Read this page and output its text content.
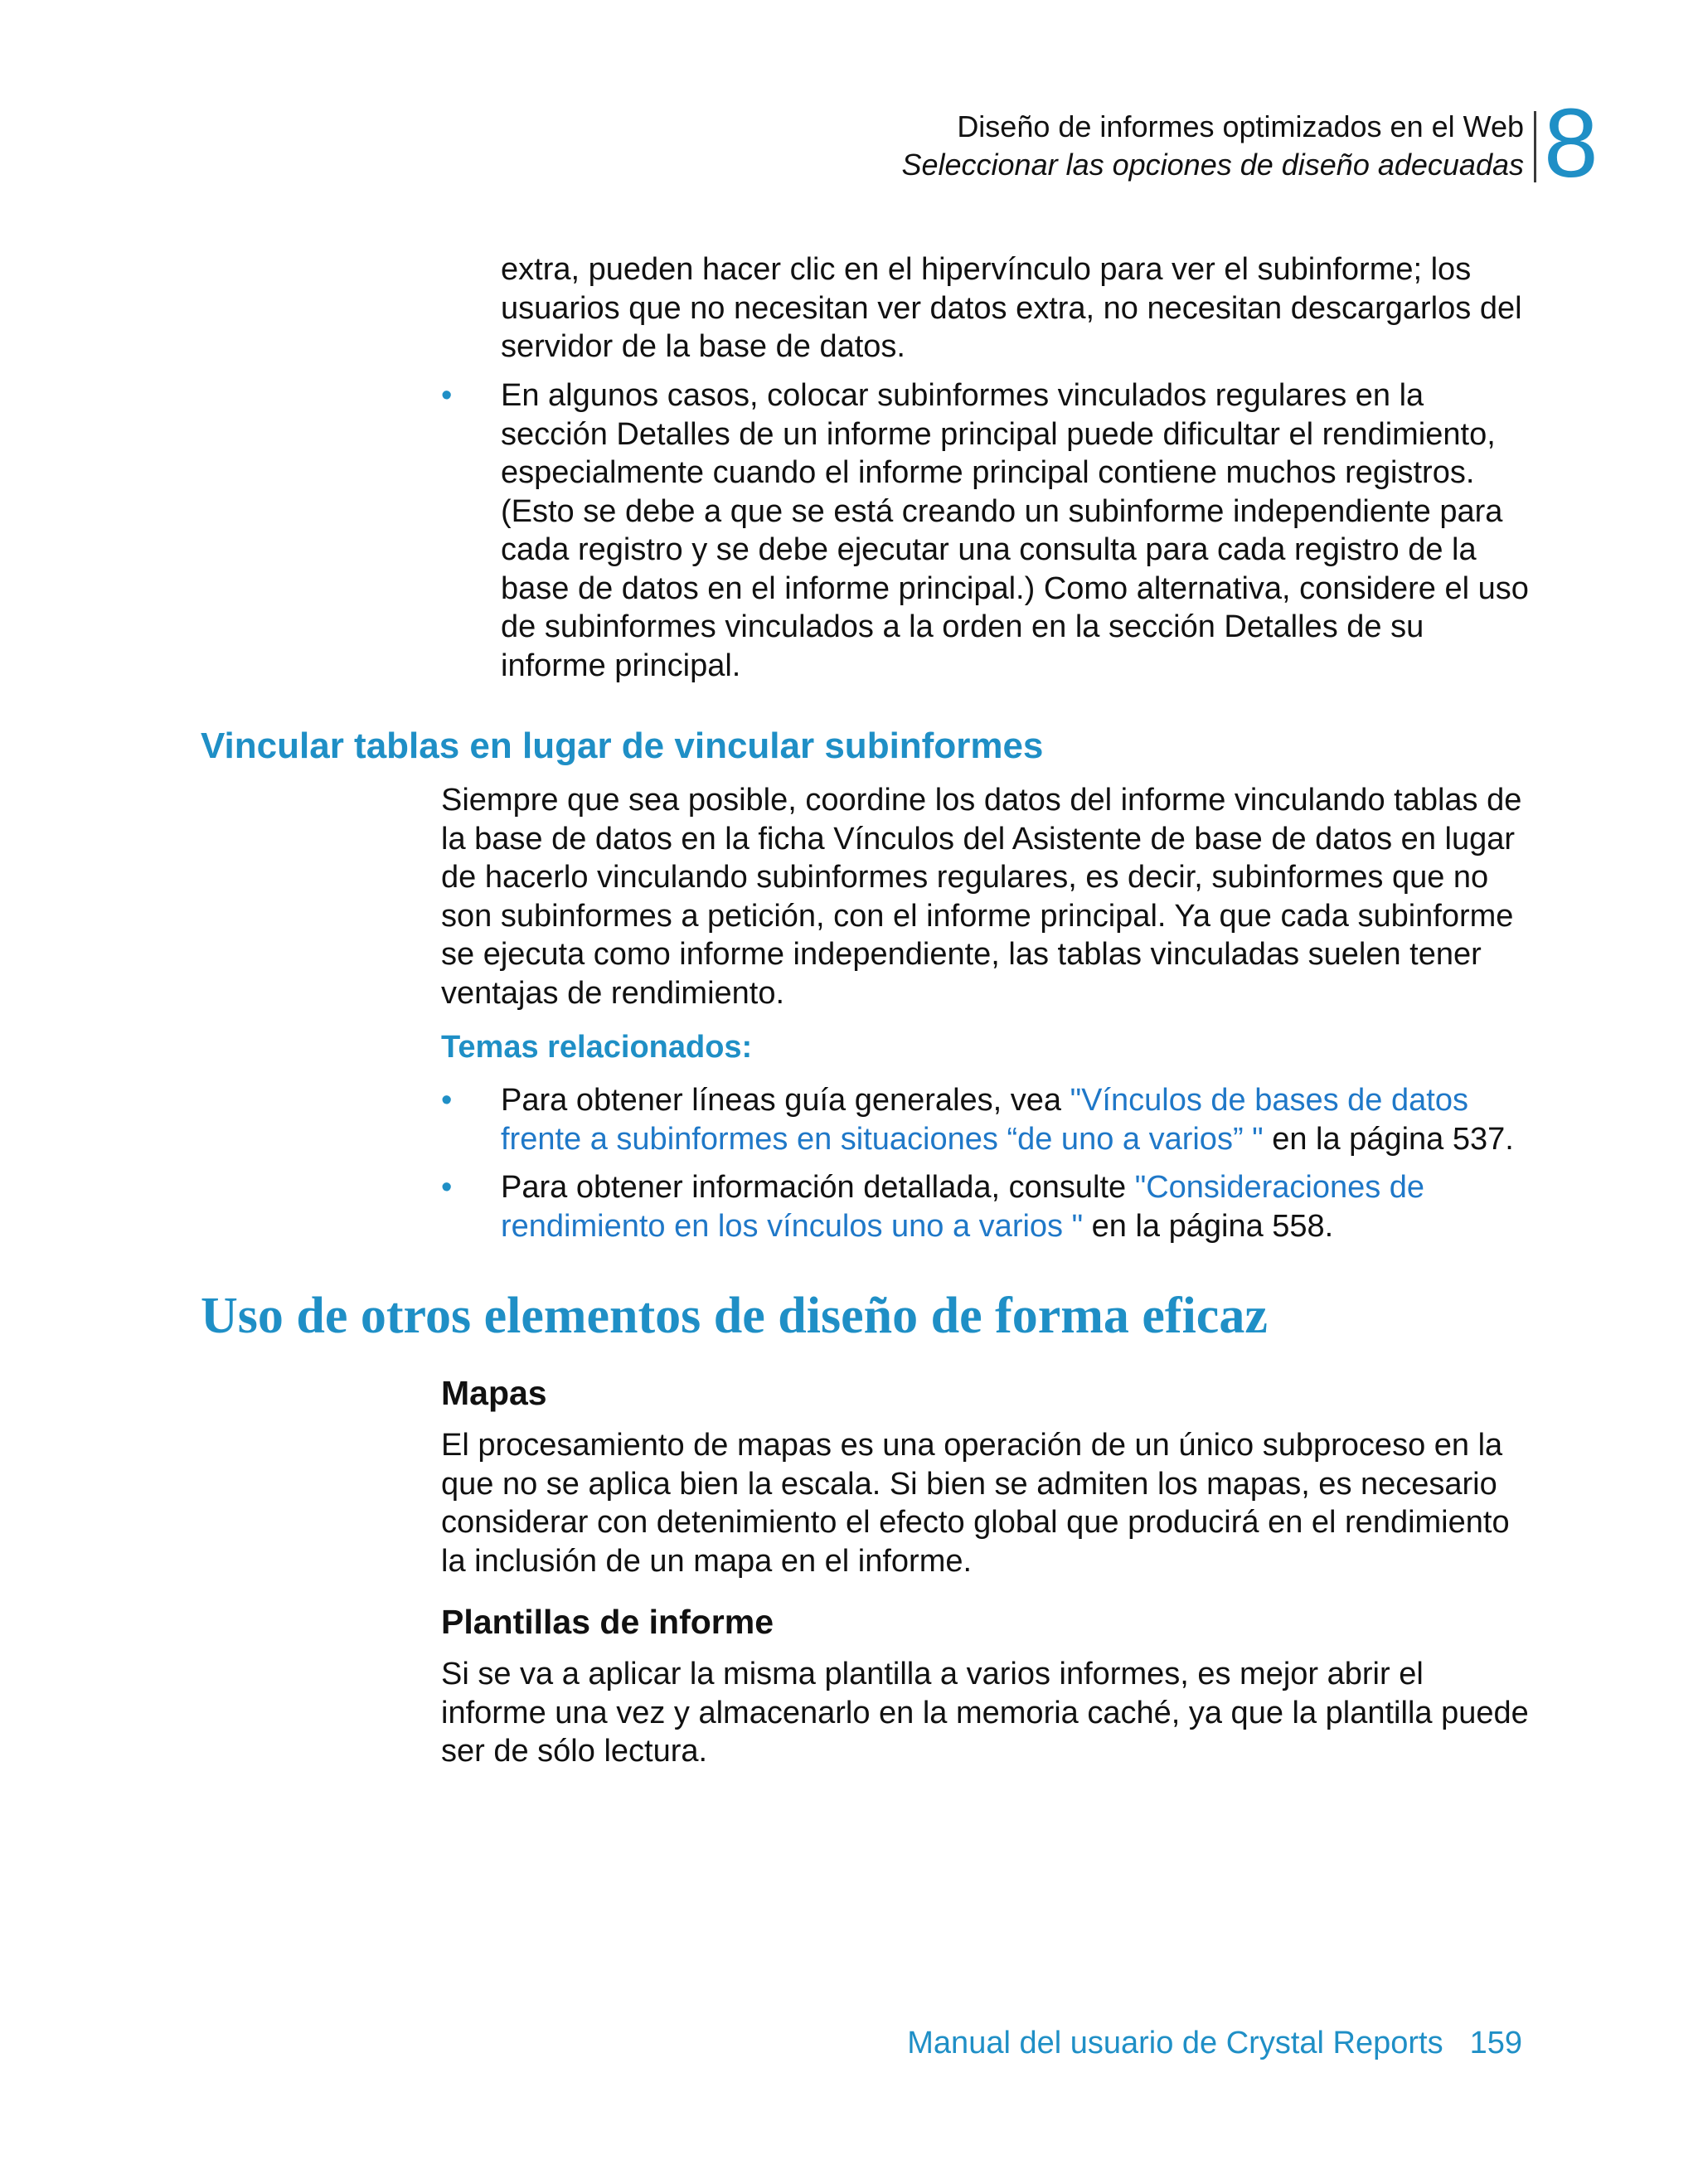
Diseño de informes optimizados en el Web

Seleccionar las opciones de diseño adecuadas 8

extra, pueden hacer clic en el hipervínculo para ver el subinforme; los usuarios que no necesitan ver datos extra, no necesitan descargarlos del servidor de la base de datos.

• En algunos casos, colocar subinformes vinculados regulares en la sección Detalles de un informe principal puede dificultar el rendimiento, especialmente cuando el informe principal contiene muchos registros. (Esto se debe a que se está creando un subinforme independiente para cada registro y se debe ejecutar una consulta para cada registro de la base de datos en el informe principal.) Como alternativa, considere el uso de subinformes vinculados a la orden en la sección Detalles de su informe principal.

Vincular tablas en lugar de vincular subinformes

Siempre que sea posible, coordine los datos del informe vinculando tablas de la base de datos en la ficha Vínculos del Asistente de base de datos en lugar de hacerlo vinculando subinformes regulares, es decir, subinformes que no son subinformes a petición, con el informe principal. Ya que cada subinforme se ejecuta como informe independiente, las tablas vinculadas suelen tener ventajas de rendimiento.

Temas relacionados:

• Para obtener líneas guía generales, vea "Vínculos de bases de datos frente a subinformes en situaciones “de uno a varios” " en la página 537.

• Para obtener información detallada, consulte "Consideraciones de rendimiento en los vínculos uno a varios " en la página 558.

Uso de otros elementos de diseño de forma eficaz

Mapas

El procesamiento de mapas es una operación de un único subproceso en la que no se aplica bien la escala. Si bien se admiten los mapas, es necesario considerar con detenimiento el efecto global que producirá en el rendimiento la inclusión de un mapa en el informe.

Plantillas de informe

Si se va a aplicar la misma plantilla a varios informes, es mejor abrir el informe una vez y almacenarlo en la memoria caché, ya que la plantilla puede ser de sólo lectura.

Manual del usuario de Crystal Reports 159
